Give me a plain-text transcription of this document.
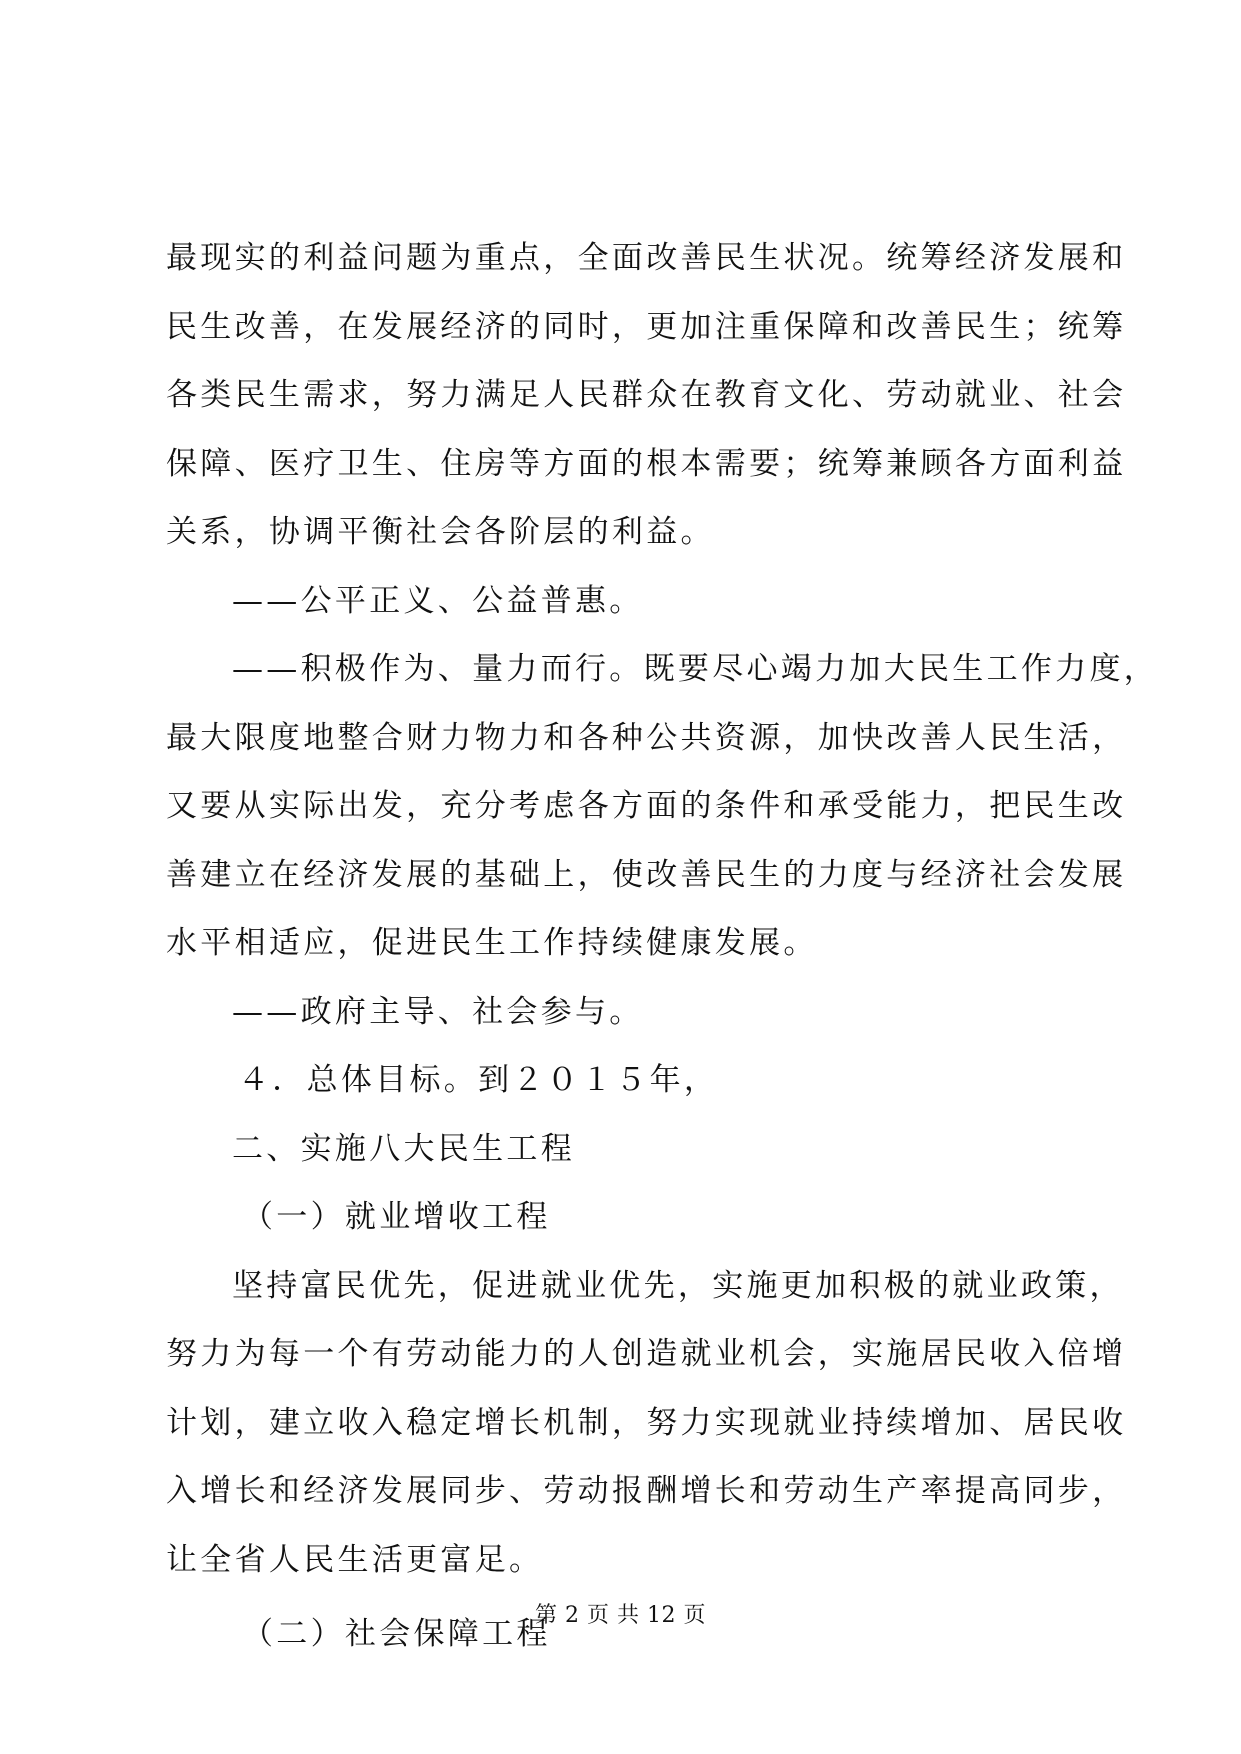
最现实的利益问题为重点，全面改善民生状况。统筹经济发展和
民生改善，在发展经济的同时，更加注重保障和改善民生；统筹
各类民生需求，努力满足人民群众在教育文化、劳动就业、社会
保障、医疗卫生、住房等方面的根本需要；统筹兼顾各方面利益
关系，协调平衡社会各阶层的利益。
——公平正义、公益普惠。
——积极作为、量力而行。既要尽心竭力加大民生工作力度，
最大限度地整合财力物力和各种公共资源，加快改善人民生活，
又要从实际出发，充分考虑各方面的条件和承受能力，把民生改
善建立在经济发展的基础上，使改善民生的力度与经济社会发展
水平相适应，促进民生工作持续健康发展。
——政府主导、社会参与。
４．总体目标。到２０１５年，
二、实施八大民生工程
（一）就业增收工程
坚持富民优先，促进就业优先，实施更加积极的就业政策，
努力为每一个有劳动能力的人创造就业机会，实施居民收入倍增
计划，建立收入稳定增长机制，努力实现就业持续增加、居民收
入增长和经济发展同步、劳动报酬增长和劳动生产率提高同步，
让全省人民生活更富足。
（二）社会保障工程
第 2 页 共 12 页
